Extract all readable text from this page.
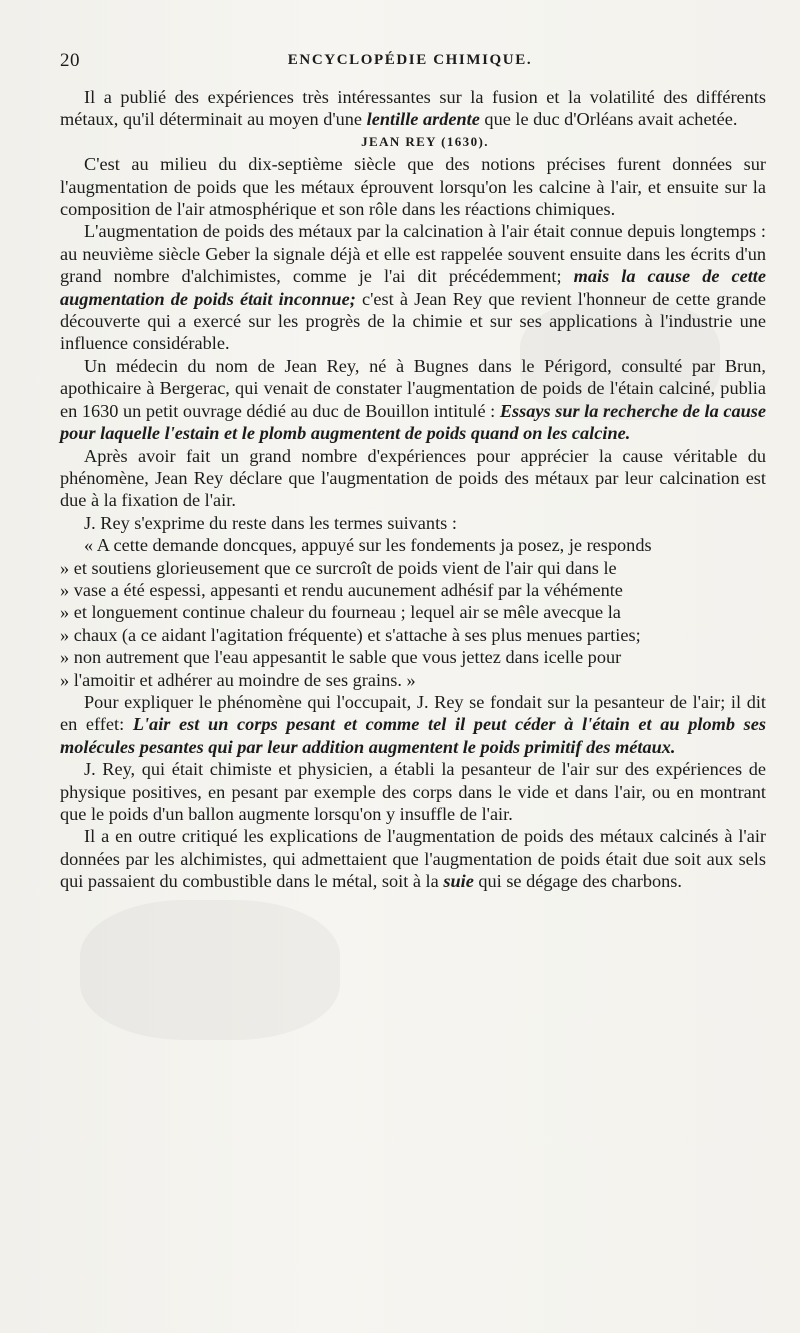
20	ENCYCLOPÉDIE CHIMIQUE.

Il a publié des expériences très intéressantes sur la fusion et la volatilité des différents métaux, qu'il déterminait au moyen d'une lentille ardente que le duc d'Orléans avait achetée.

JEAN REY (1630).

C'est au milieu du dix-septième siècle que des notions précises furent données sur l'augmentation de poids que les métaux éprouvent lorsqu'on les calcine à l'air, et ensuite sur la composition de l'air atmosphérique et son rôle dans les réactions chimiques.

L'augmentation de poids des métaux par la calcination à l'air était connue depuis longtemps : au neuvième siècle Geber la signale déjà et elle est rappelée souvent ensuite dans les écrits d'un grand nombre d'alchimistes, comme je l'ai dit précédemment; mais la cause de cette augmentation de poids était inconnue; c'est à Jean Rey que revient l'honneur de cette grande découverte qui a exercé sur les progrès de la chimie et sur ses applications à l'industrie une influence considérable.

Un médecin du nom de Jean Rey, né à Bugnes dans le Périgord, consulté par Brun, apothicaire à Bergerac, qui venait de constater l'augmentation de poids de l'étain calciné, publia en 1630 un petit ouvrage dédié au duc de Bouillon intitulé : Essays sur la recherche de la cause pour laquelle l'estain et le plomb augmentent de poids quand on les calcine.

Après avoir fait un grand nombre d'expériences pour apprécier la cause véritable du phénomène, Jean Rey déclare que l'augmentation de poids des métaux par leur calcination est due à la fixation de l'air.

J. Rey s'exprime du reste dans les termes suivants :

« A cette demande doncques, appuyé sur les fondements ja posez, je responds

» et soutiens glorieusement que ce surcroît de poids vient de l'air qui dans le

» vase a été espessi, appesanti et rendu aucunement adhésif par la véhémente

» et longuement continue chaleur du fourneau ; lequel air se mêle avecque la

» chaux (a ce aidant l'agitation fréquente) et s'attache à ses plus menues parties;

» non autrement que l'eau appesantit le sable que vous jettez dans icelle pour

» l'amoitir et adhérer au moindre de ses grains. »

Pour expliquer le phénomène qui l'occupait, J. Rey se fondait sur la pesanteur de l'air; il dit en effet: L'air est un corps pesant et comme tel il peut céder à l'étain et au plomb ses molécules pesantes qui par leur addition augmentent le poids primitif des métaux.

J. Rey, qui était chimiste et physicien, a établi la pesanteur de l'air sur des expériences de physique positives, en pesant par exemple des corps dans le vide et dans l'air, ou en montrant que le poids d'un ballon augmente lorsqu'on y insuffle de l'air.

Il a en outre critiqué les explications de l'augmentation de poids des métaux calcinés à l'air données par les alchimistes, qui admettaient que l'augmentation de poids était due soit aux sels qui passaient du combustible dans le métal, soit à la suie qui se dégage des charbons.
